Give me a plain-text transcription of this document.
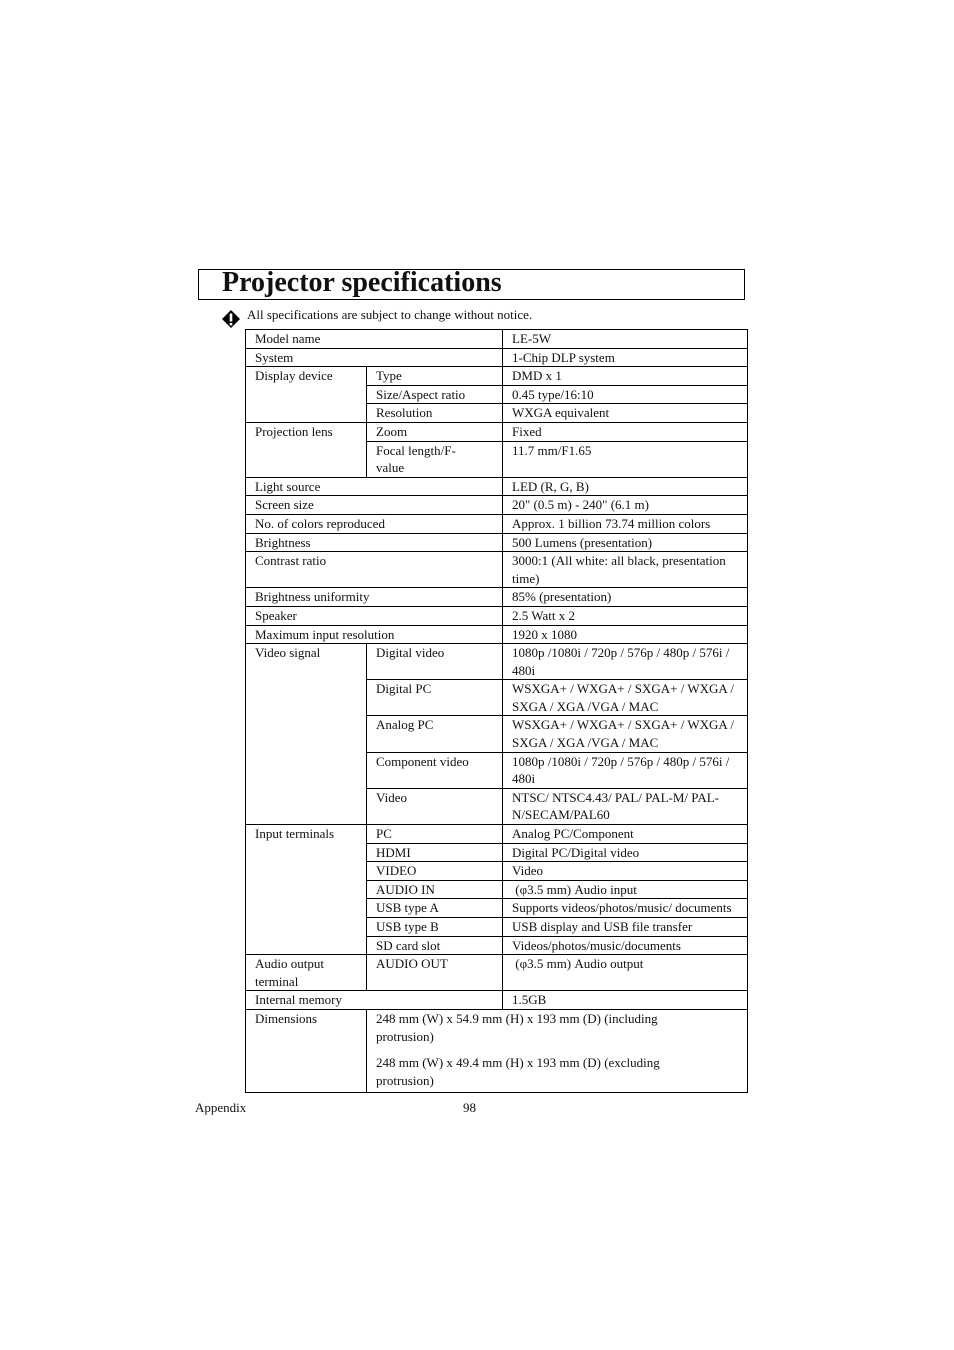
Projector specifications
All specifications are subject to change without notice.
Model name		LE-5W
System		1-Chip DLP system
Display device	Type	DMD x 1
	Size/Aspect ratio	0.45 type/16:10
	Resolution	WXGA equivalent
Projection lens	Zoom	Fixed
	Focal length/F-value	11.7 mm/F1.65
Light source		LED (R, G, B)
Screen size		20" (0.5 m) - 240" (6.1 m)
No. of colors reproduced		Approx. 1 billion 73.74 million colors
Brightness		500 Lumens (presentation)
Contrast ratio		3000:1 (All white: all black, presentation time)
Brightness uniformity		85% (presentation)
Speaker		2.5 Watt x 2
Maximum input resolution		1920 x 1080
Video signal	Digital video	1080p /1080i / 720p / 576p / 480p / 576i / 480i
	Digital PC	WSXGA+ / WXGA+ / SXGA+ / WXGA / SXGA / XGA /VGA / MAC
	Analog PC	WSXGA+ / WXGA+ / SXGA+ / WXGA / SXGA / XGA /VGA / MAC
	Component video	1080p /1080i / 720p / 576p / 480p / 576i / 480i
	Video	NTSC/ NTSC4.43/ PAL/ PAL-M/ PAL-N/SECAM/PAL60
Input terminals	PC	Analog PC/Component
	HDMI	Digital PC/Digital video
	VIDEO	Video
	AUDIO IN	(φ3.5 mm) Audio input
	USB type A	Supports videos/photos/music/ documents
	USB type B	USB display and USB file transfer
	SD card slot	Videos/photos/music/documents
Audio output terminal	AUDIO OUT	(φ3.5 mm) Audio output
Internal memory		1.5GB
Dimensions	248 mm (W) x 54.9 mm (H) x 193 mm (D) (including protrusion)
248 mm (W) x 49.4 mm (H) x 193 mm (D) (excluding protrusion)	
Appendix	98
